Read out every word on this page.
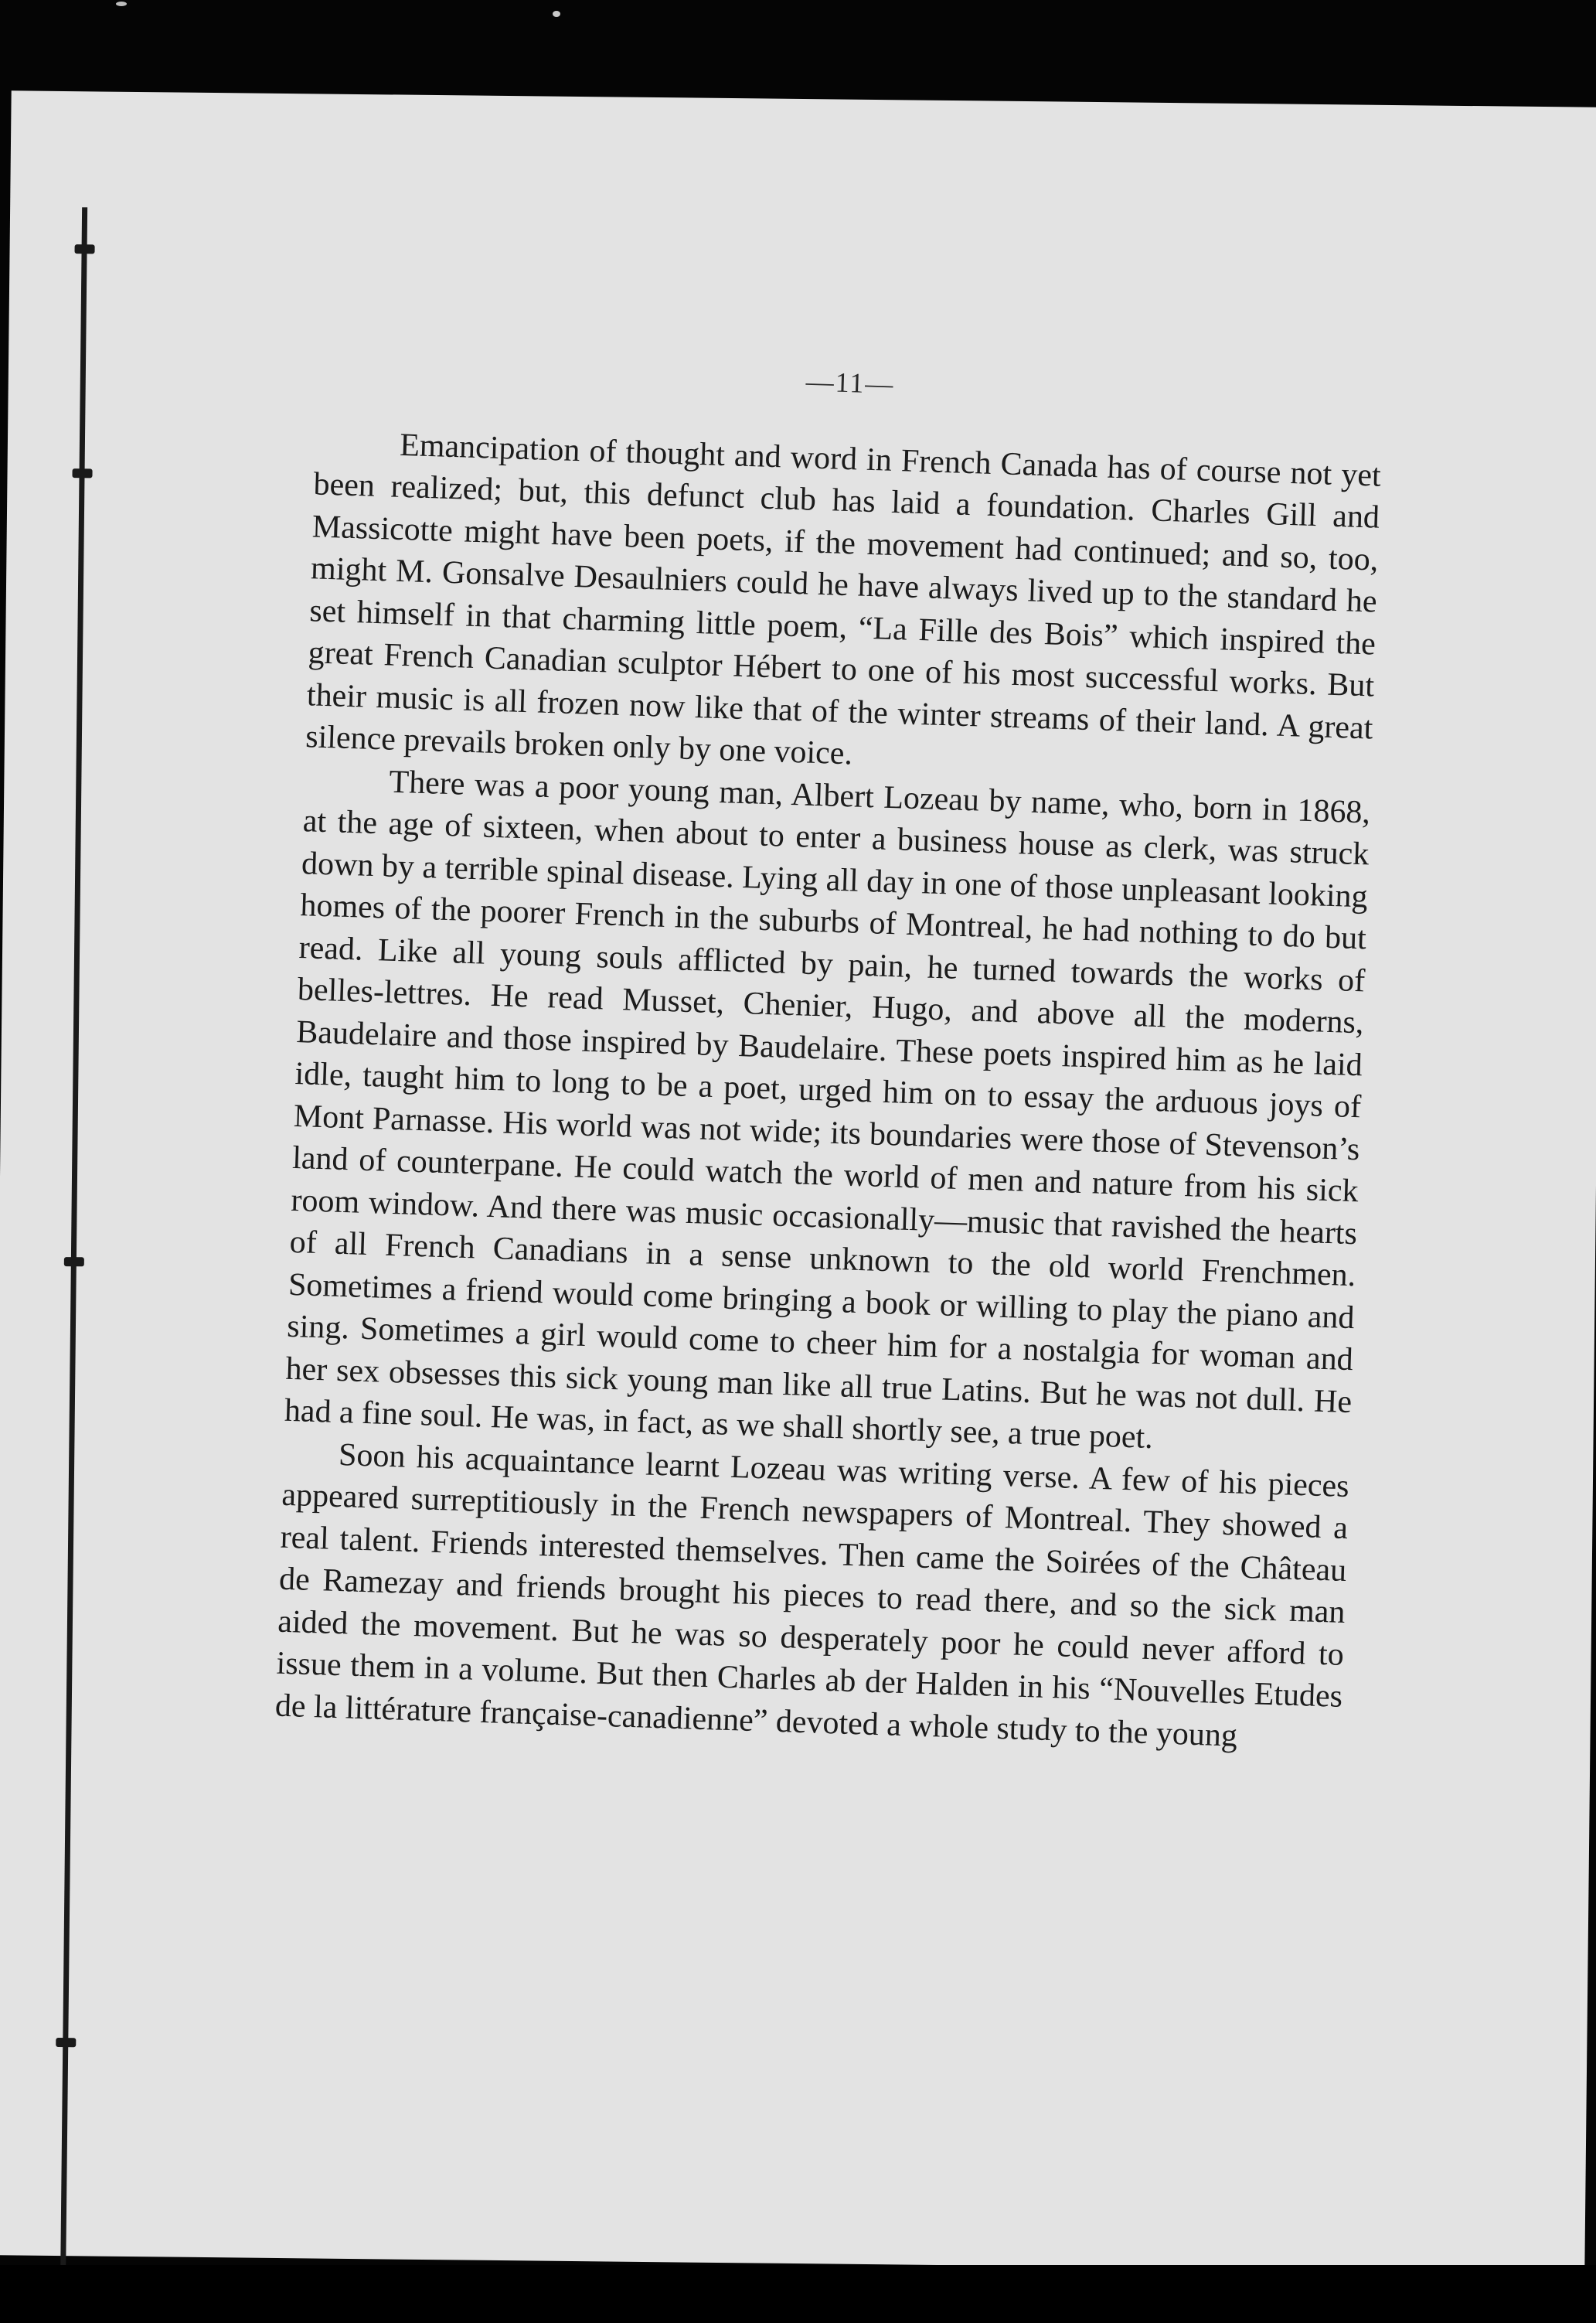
—11—

Emancipation of thought and word in French Canada has of course not yet been realized; but, this defunct club has laid a foundation. Charles Gill and Massicotte might have been poets, if the movement had continued; and so, too, might M. Gonsalve Desaulniers could he have always lived up to the standard he set himself in that charming little poem, “La Fille des Bois” which inspired the great French Canadian sculptor Hébert to one of his most successful works. But their music is all frozen now like that of the winter streams of their land. A great silence prevails broken only by one voice.

There was a poor young man, Albert Lozeau by name, who, born in 1868, at the age of sixteen, when about to enter a business house as clerk, was struck down by a terrible spinal disease. Lying all day in one of those unpleasant looking homes of the poorer French in the suburbs of Montreal, he had nothing to do but read. Like all young souls afflicted by pain, he turned towards the works of belles-lettres. He read Musset, Chenier, Hugo, and above all the moderns, Baudelaire and those inspired by Baudelaire. These poets inspired him as he laid idle, taught him to long to be a poet, urged him on to essay the arduous joys of Mont Parnasse. His world was not wide; its boundaries were those of Stevenson’s land of counterpane. He could watch the world of men and nature from his sick room window. And there was music occasionally—music that ravished the hearts of all French Canadians in a sense unknown to the old world Frenchmen. Sometimes a friend would come bringing a book or willing to play the piano and sing. Sometimes a girl would come to cheer him for a nostalgia for woman and her sex obsesses this sick young man like all true Latins. But he was not dull. He had a fine soul. He was, in fact, as we shall shortly see, a true poet.

Soon his acquaintance learnt Lozeau was writing verse. A few of his pieces appeared surreptitiously in the French newspapers of Montreal. They showed a real talent. Friends interested themselves. Then came the Soirées of the Château de Ramezay and friends brought his pieces to read there, and so the sick man aided the movement. But he was so desperately poor he could never afford to issue them in a volume. But then Charles ab der Halden in his “Nouvelles Etudes de la littérature française-canadienne” devoted a whole study to the young
